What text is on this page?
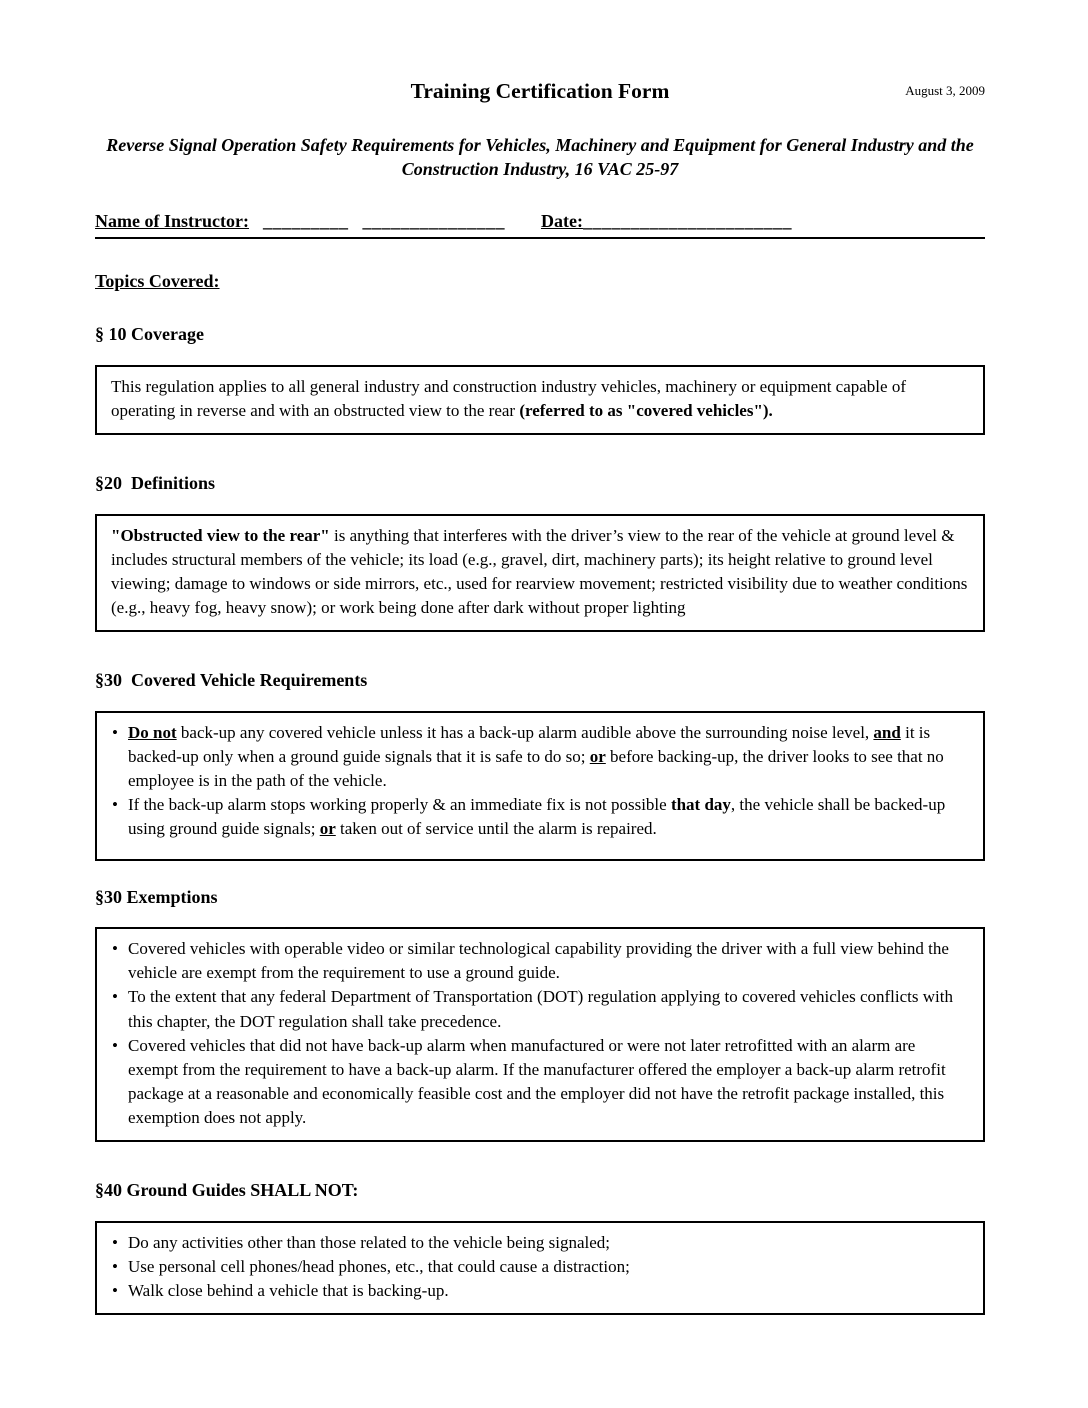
Training Certification Form	August 3, 2009
Reverse Signal Operation Safety Requirements for Vehicles, Machinery and Equipment for General Industry and the Construction Industry, 16 VAC 25-97
Name of Instructor: _________ _______________ Date: ______________________
Topics Covered:
§ 10 Coverage

This regulation applies to all general industry and construction industry vehicles, machinery or equipment capable of operating in reverse and with an obstructed view to the rear (referred to as "covered vehicles").

§20  Definitions

"Obstructed view to the rear" is anything that interferes with the driver’s view to the rear of the vehicle at ground level & includes structural members of the vehicle; its load (e.g., gravel, dirt, machinery parts); its height relative to ground level viewing; damage to windows or side mirrors, etc., used for rearview movement; restricted visibility due to weather conditions (e.g., heavy fog, heavy snow); or work being done after dark without proper lighting

§30  Covered Vehicle Requirements
• Do not back-up any covered vehicle unless it has a back-up alarm audible above the surrounding noise level, and it is backed-up only when a ground guide signals that it is safe to do so; or before backing-up, the driver looks to see that no employee is in the path of the vehicle.
• If the back-up alarm stops working properly & an immediate fix is not possible that day, the vehicle shall be backed-up using ground guide signals; or taken out of service until the alarm is repaired.
§30 Exemptions
• Covered vehicles with operable video or similar technological capability providing the driver with a full view behind the vehicle are exempt from the requirement to use a ground guide.
• To the extent that any federal Department of Transportation (DOT) regulation applying to covered vehicles conflicts with this chapter, the DOT regulation shall take precedence.
• Covered vehicles that did not have back-up alarm when manufactured or were not later retrofitted with an alarm are exempt from the requirement to have a back-up alarm. If the manufacturer offered the employer a back-up alarm retrofit package at a reasonable and economically feasible cost and the employer did not have the retrofit package installed, this exemption does not apply.
§40 Ground Guides SHALL NOT:
• Do any activities other than those related to the vehicle being signaled;
• Use personal cell phones/head phones, etc., that could cause a distraction;
• Walk close behind a vehicle that is backing-up.
